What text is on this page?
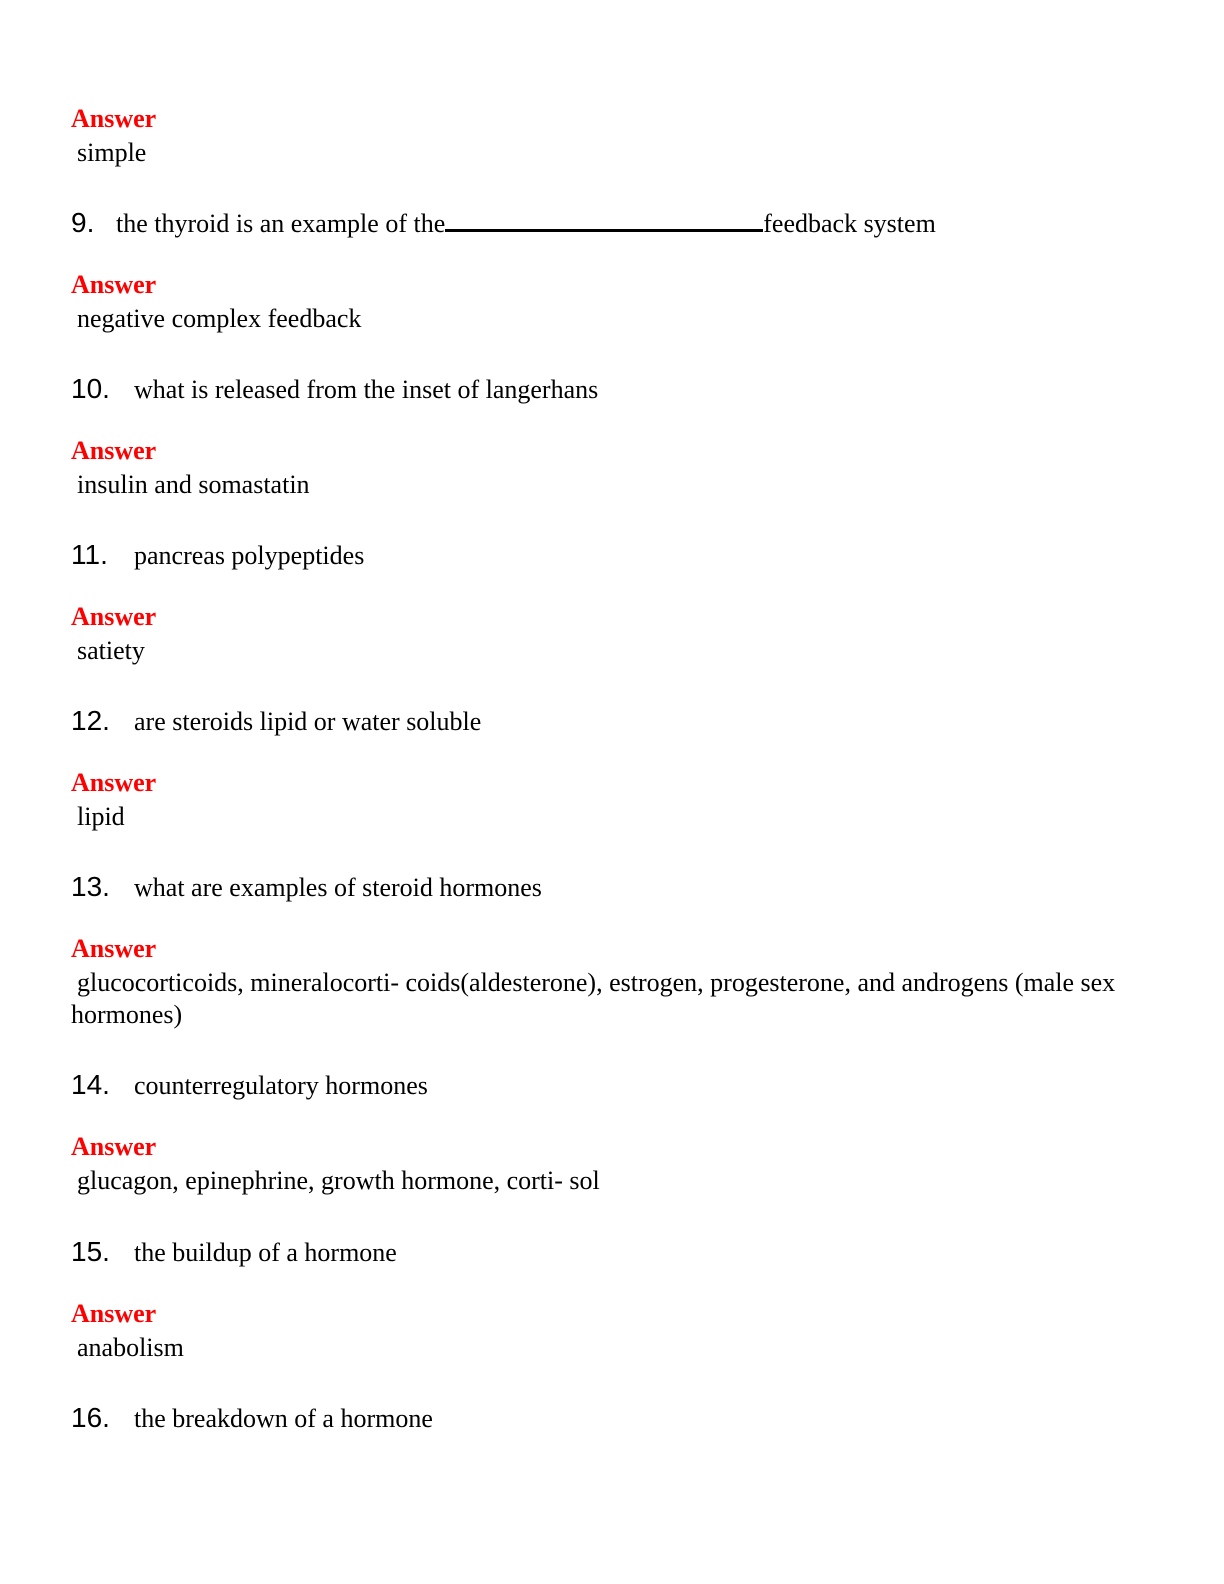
Answer
simple
9. the thyroid is an example of the	feedback system
Answer
negative complex feedback
10. what is released from the inset of langerhans
Answer
insulin and somastatin
11. pancreas polypeptides
Answer
satiety
12. are steroids lipid or water soluble
Answer
lipid
13. what are examples of steroid hormones
Answer
glucocorticoids, mineralocorti- coids(aldesterone), estrogen, progesterone, and androgens (male sex hormones)
14. counterregulatory hormones
Answer
glucagon, epinephrine, growth hormone, corti- sol
15. the buildup of a hormone
Answer
anabolism
16. the breakdown of a hormone
